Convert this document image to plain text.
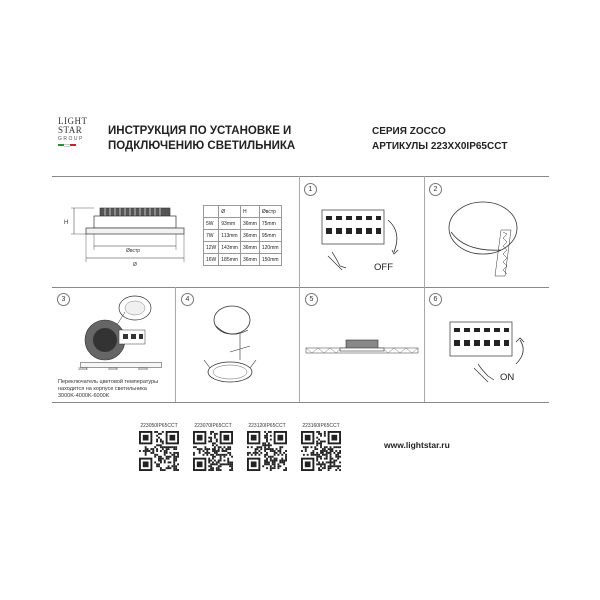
LIGHT
STAR
GROUP
ИНСТРУКЦИЯ ПО УСТАНОВКЕ И
ПОДКЛЮЧЕНИЮ СВЕТИЛЬНИКА
СЕРИЯ ZOCCO
АРТИКУЛЫ 223XX0IP65CCT
H
Øвстр
Ø
	Ø	H	Øвстр
5W	93mm	36mm	75mm
7W	113mm	36mm	95mm
12W	143mm	36mm	120mm
16W	185mm	36mm	150mm
1
OFF
2
3
3000K	4000K	6000K
Переключатель цветовой температуры
находится на корпусе светильника
3000K-4000K-6000K
4	5	6
ON
223050IP65CCT	223070IP65CCT	223120IP65CCT	223160IP65CCT
www.lightstar.ru
